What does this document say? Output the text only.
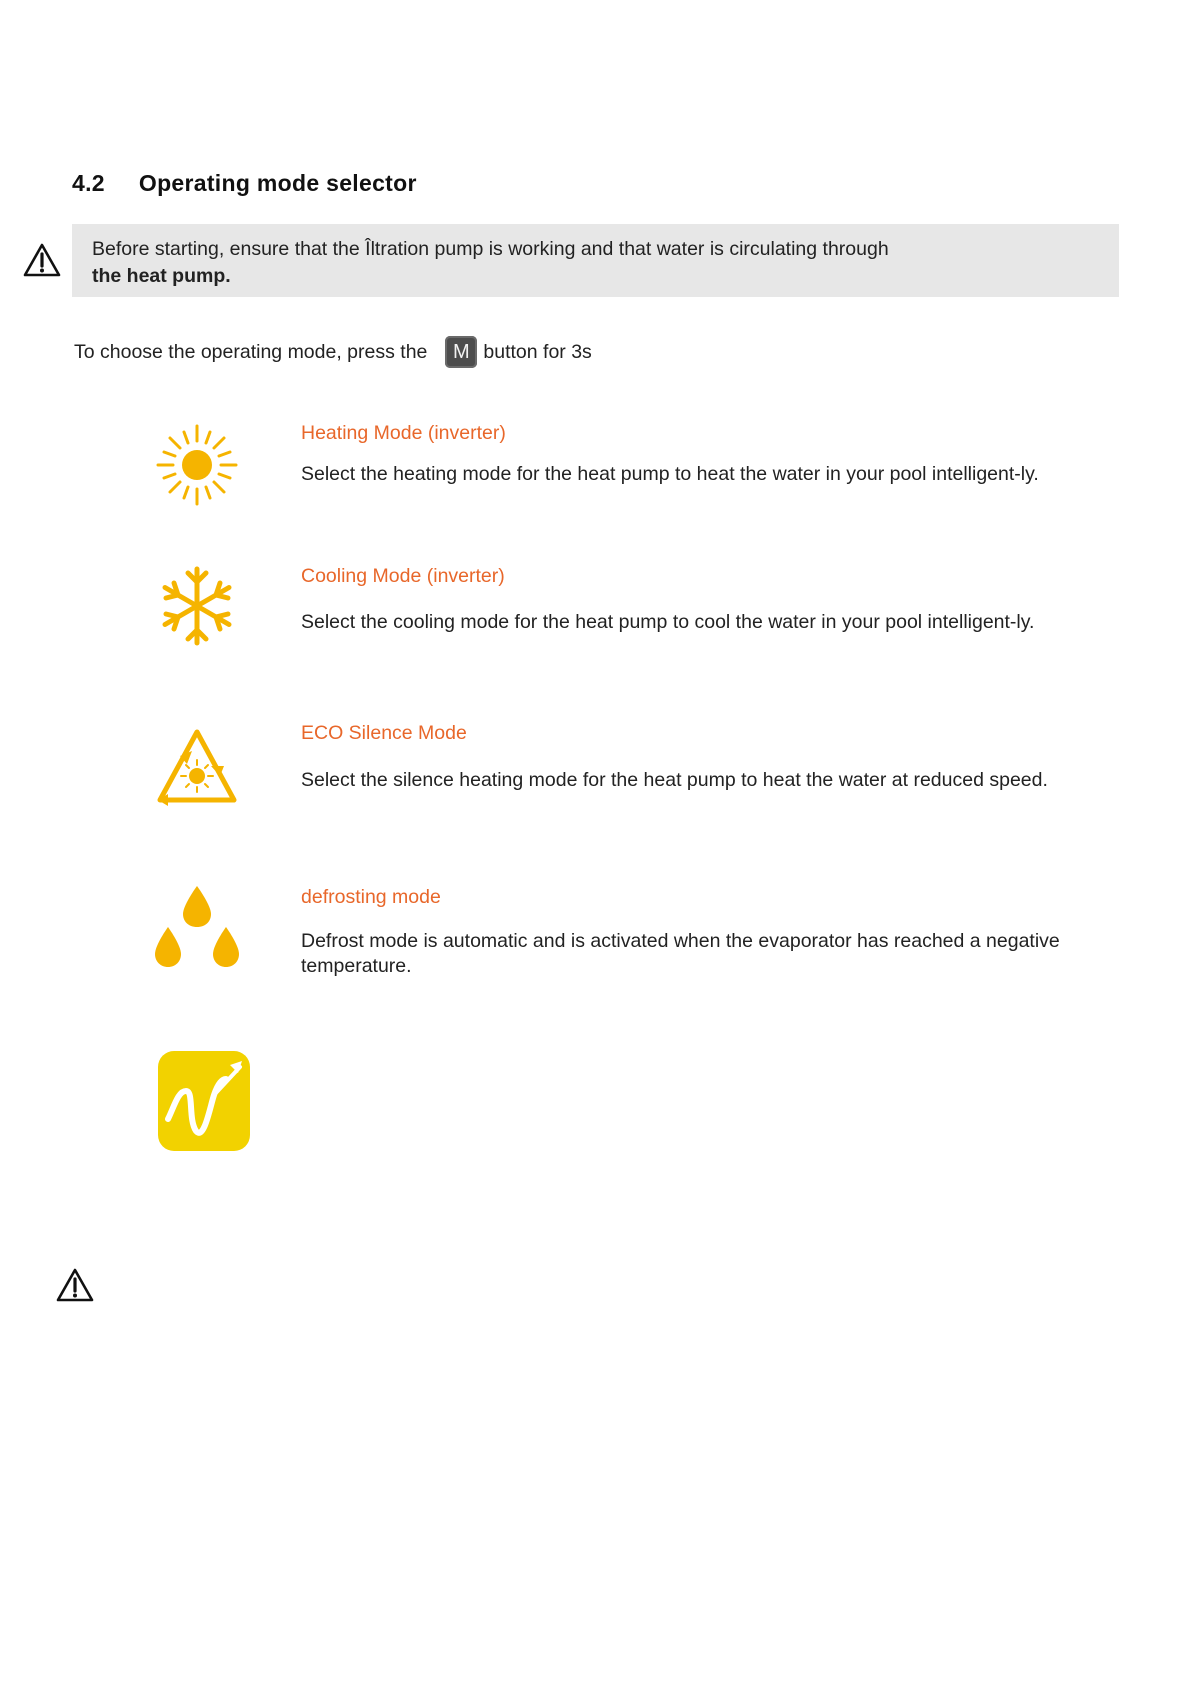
4.2 Operating mode selector
Before starting, ensure that the Îltration pump is working and that water is circulating through
the heat pump.
To choose the operating mode, press the	M button for 3s
Heating Mode (inverter)
Select the heating mode for the heat pump to heat the water in your pool intelligent-ly.
Cooling Mode (inverter)
Select the cooling mode for the heat pump to cool the water in your pool intelligent-ly.
ECO Silence Mode
Select the silence heating mode for the heat pump to heat the water at reduced speed.
defrosting mode
Defrost mode is automatic and is activated when the evaporator has reached a negative temperature.
